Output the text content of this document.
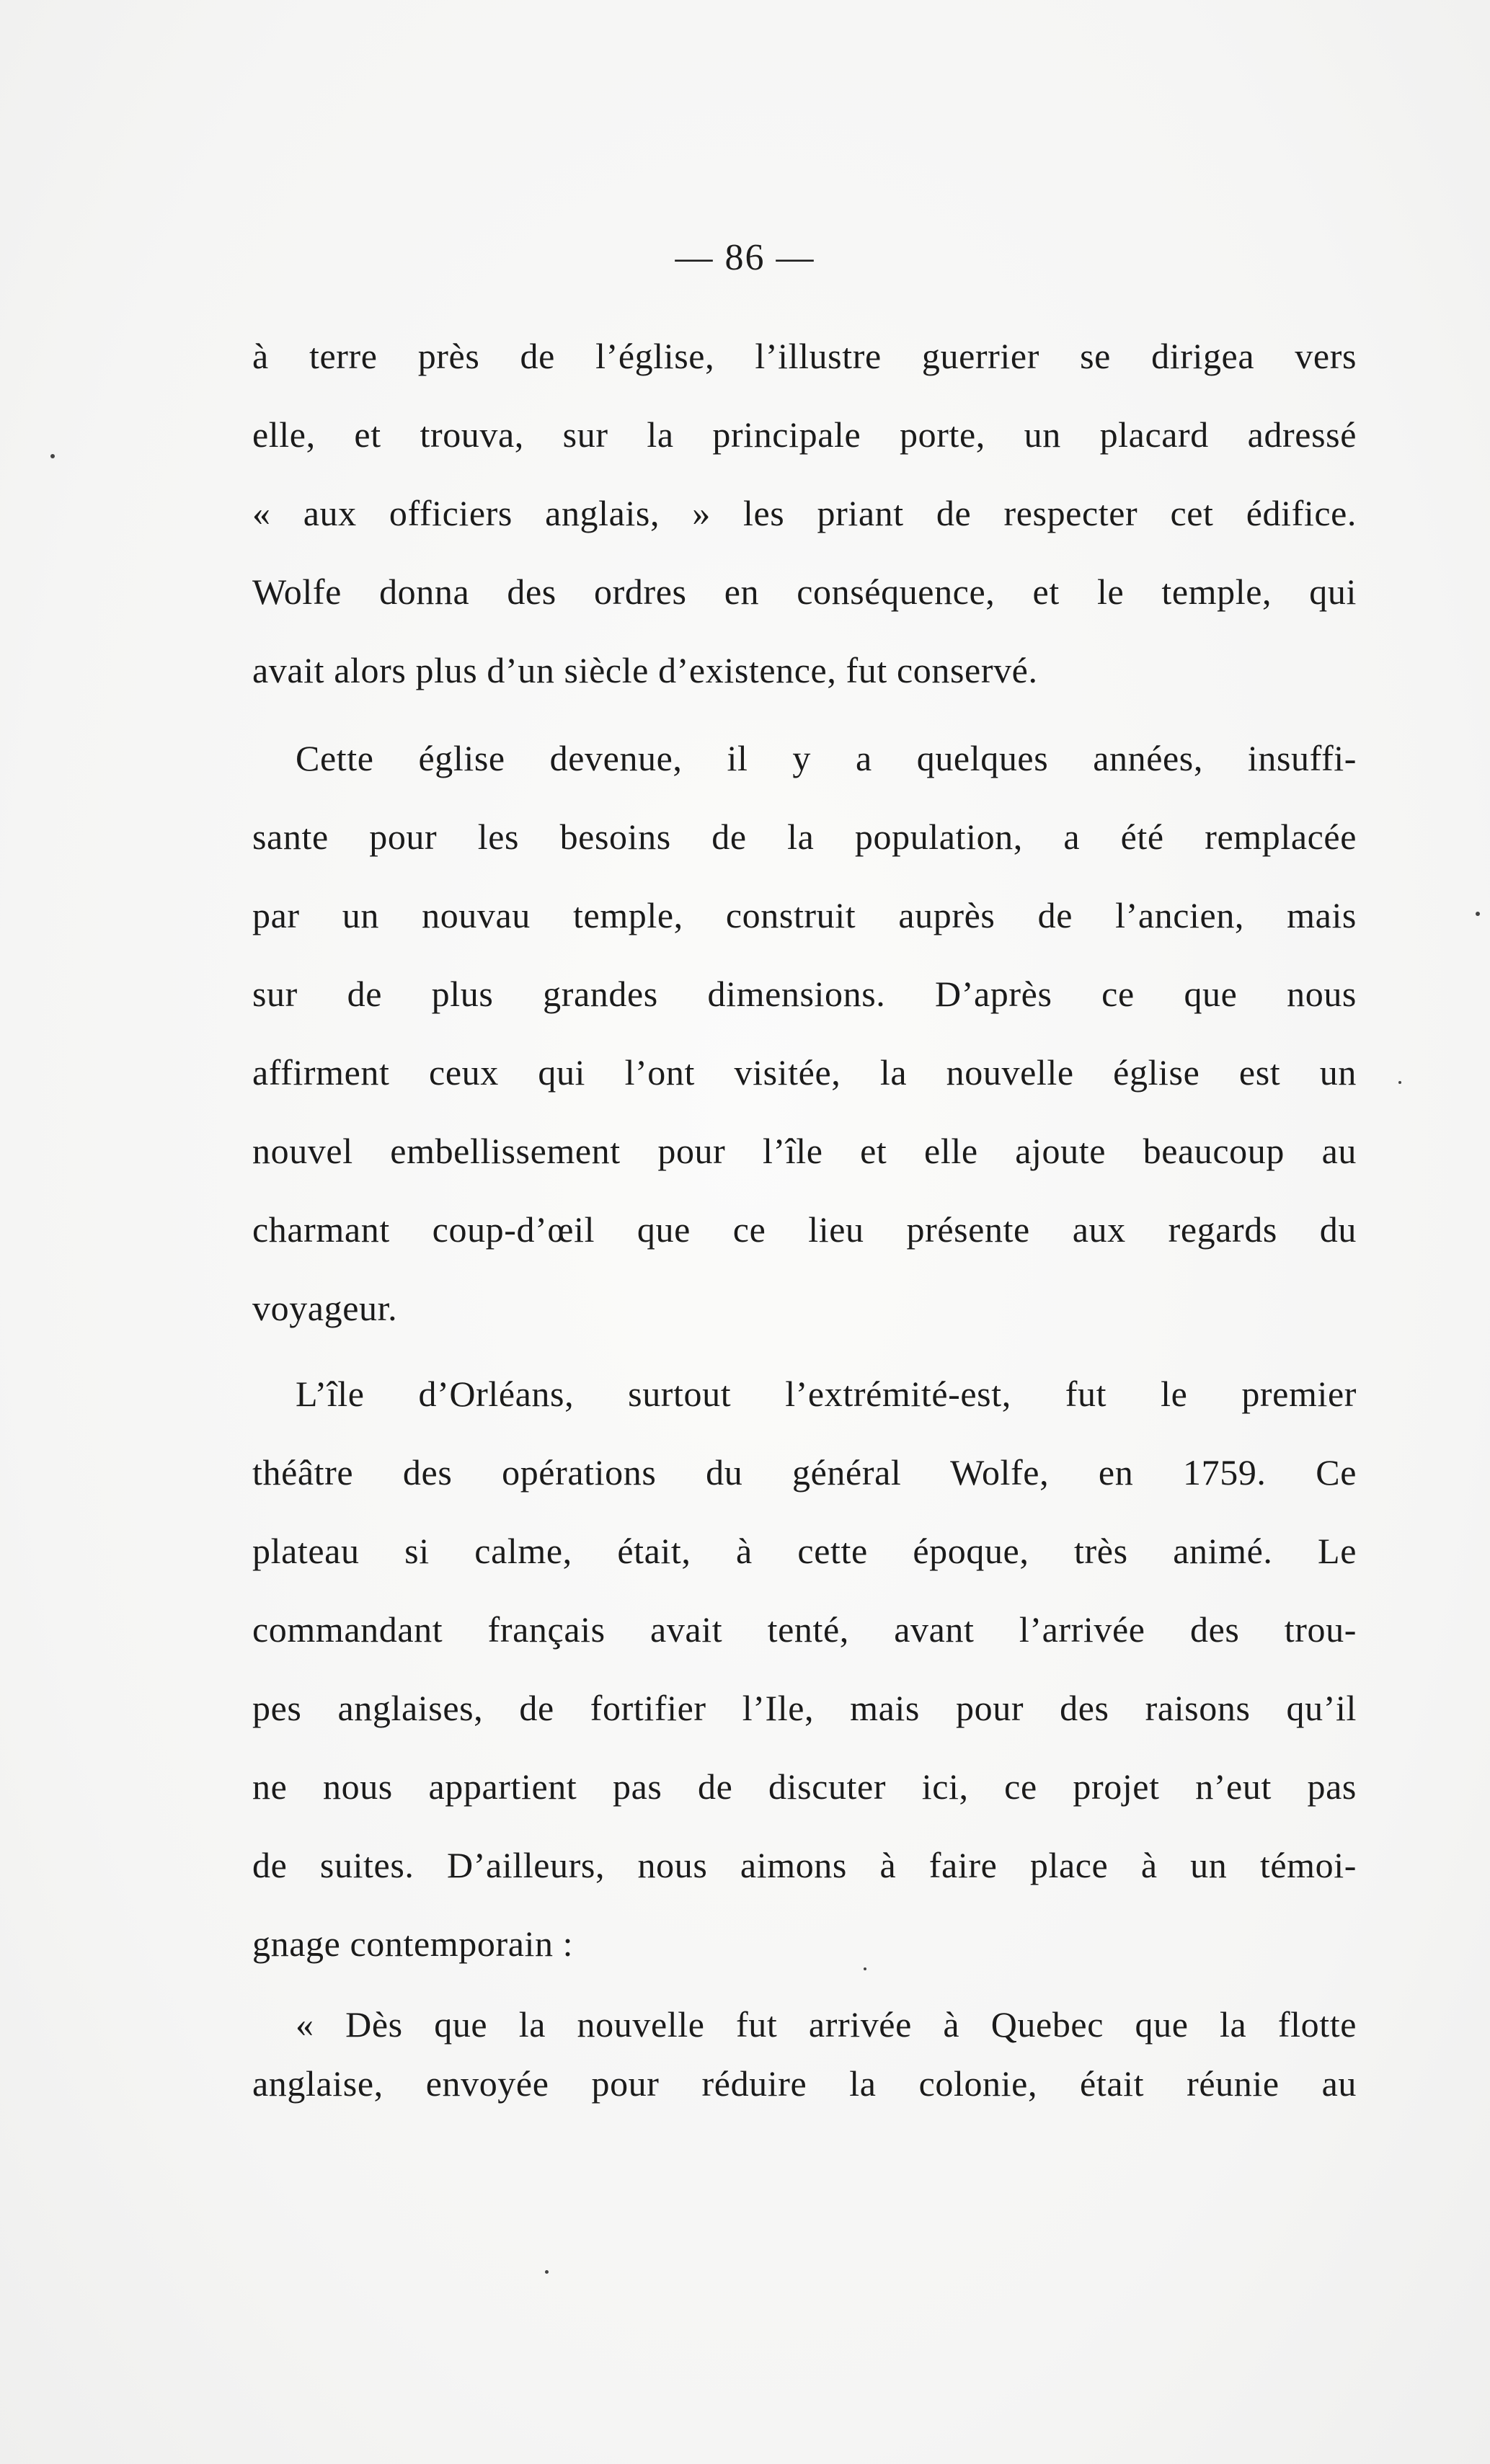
— 86 —
à terre près de l’église, l’illustre guerrier se dirigea vers
elle, et trouva, sur la principale porte, un placard adressé
« aux officiers anglais, » les priant de respecter cet édifice.
Wolfe donna des ordres en conséquence, et le temple, qui
avait alors plus d’un siècle d’existence, fut conservé.
Cette église devenue, il y a quelques années, insuffi-
sante pour les besoins de la population, a été remplacée
par un nouvau temple, construit auprès de l’ancien, mais
sur de plus grandes dimensions. D’après ce que nous
affirment ceux qui l’ont visitée, la nouvelle église est un
nouvel embellissement pour l’île et elle ajoute beaucoup au
charmant coup-d’œil que ce lieu présente aux regards du
voyageur.
L’île d’Orléans, surtout l’extrémité-est, fut le premier
théâtre des opérations du général Wolfe, en 1759. Ce
plateau si calme, était, à cette époque, très animé. Le
commandant français avait tenté, avant l’arrivée des trou-
pes anglaises, de fortifier l’Ile, mais pour des raisons qu’il
ne nous appartient pas de discuter ici, ce projet n’eut pas
de suites. D’ailleurs, nous aimons à faire place à un témoi-
gnage contemporain :
« Dès que la nouvelle fut arrivée à Quebec que la flotte
anglaise, envoyée pour réduire la colonie, était réunie au
